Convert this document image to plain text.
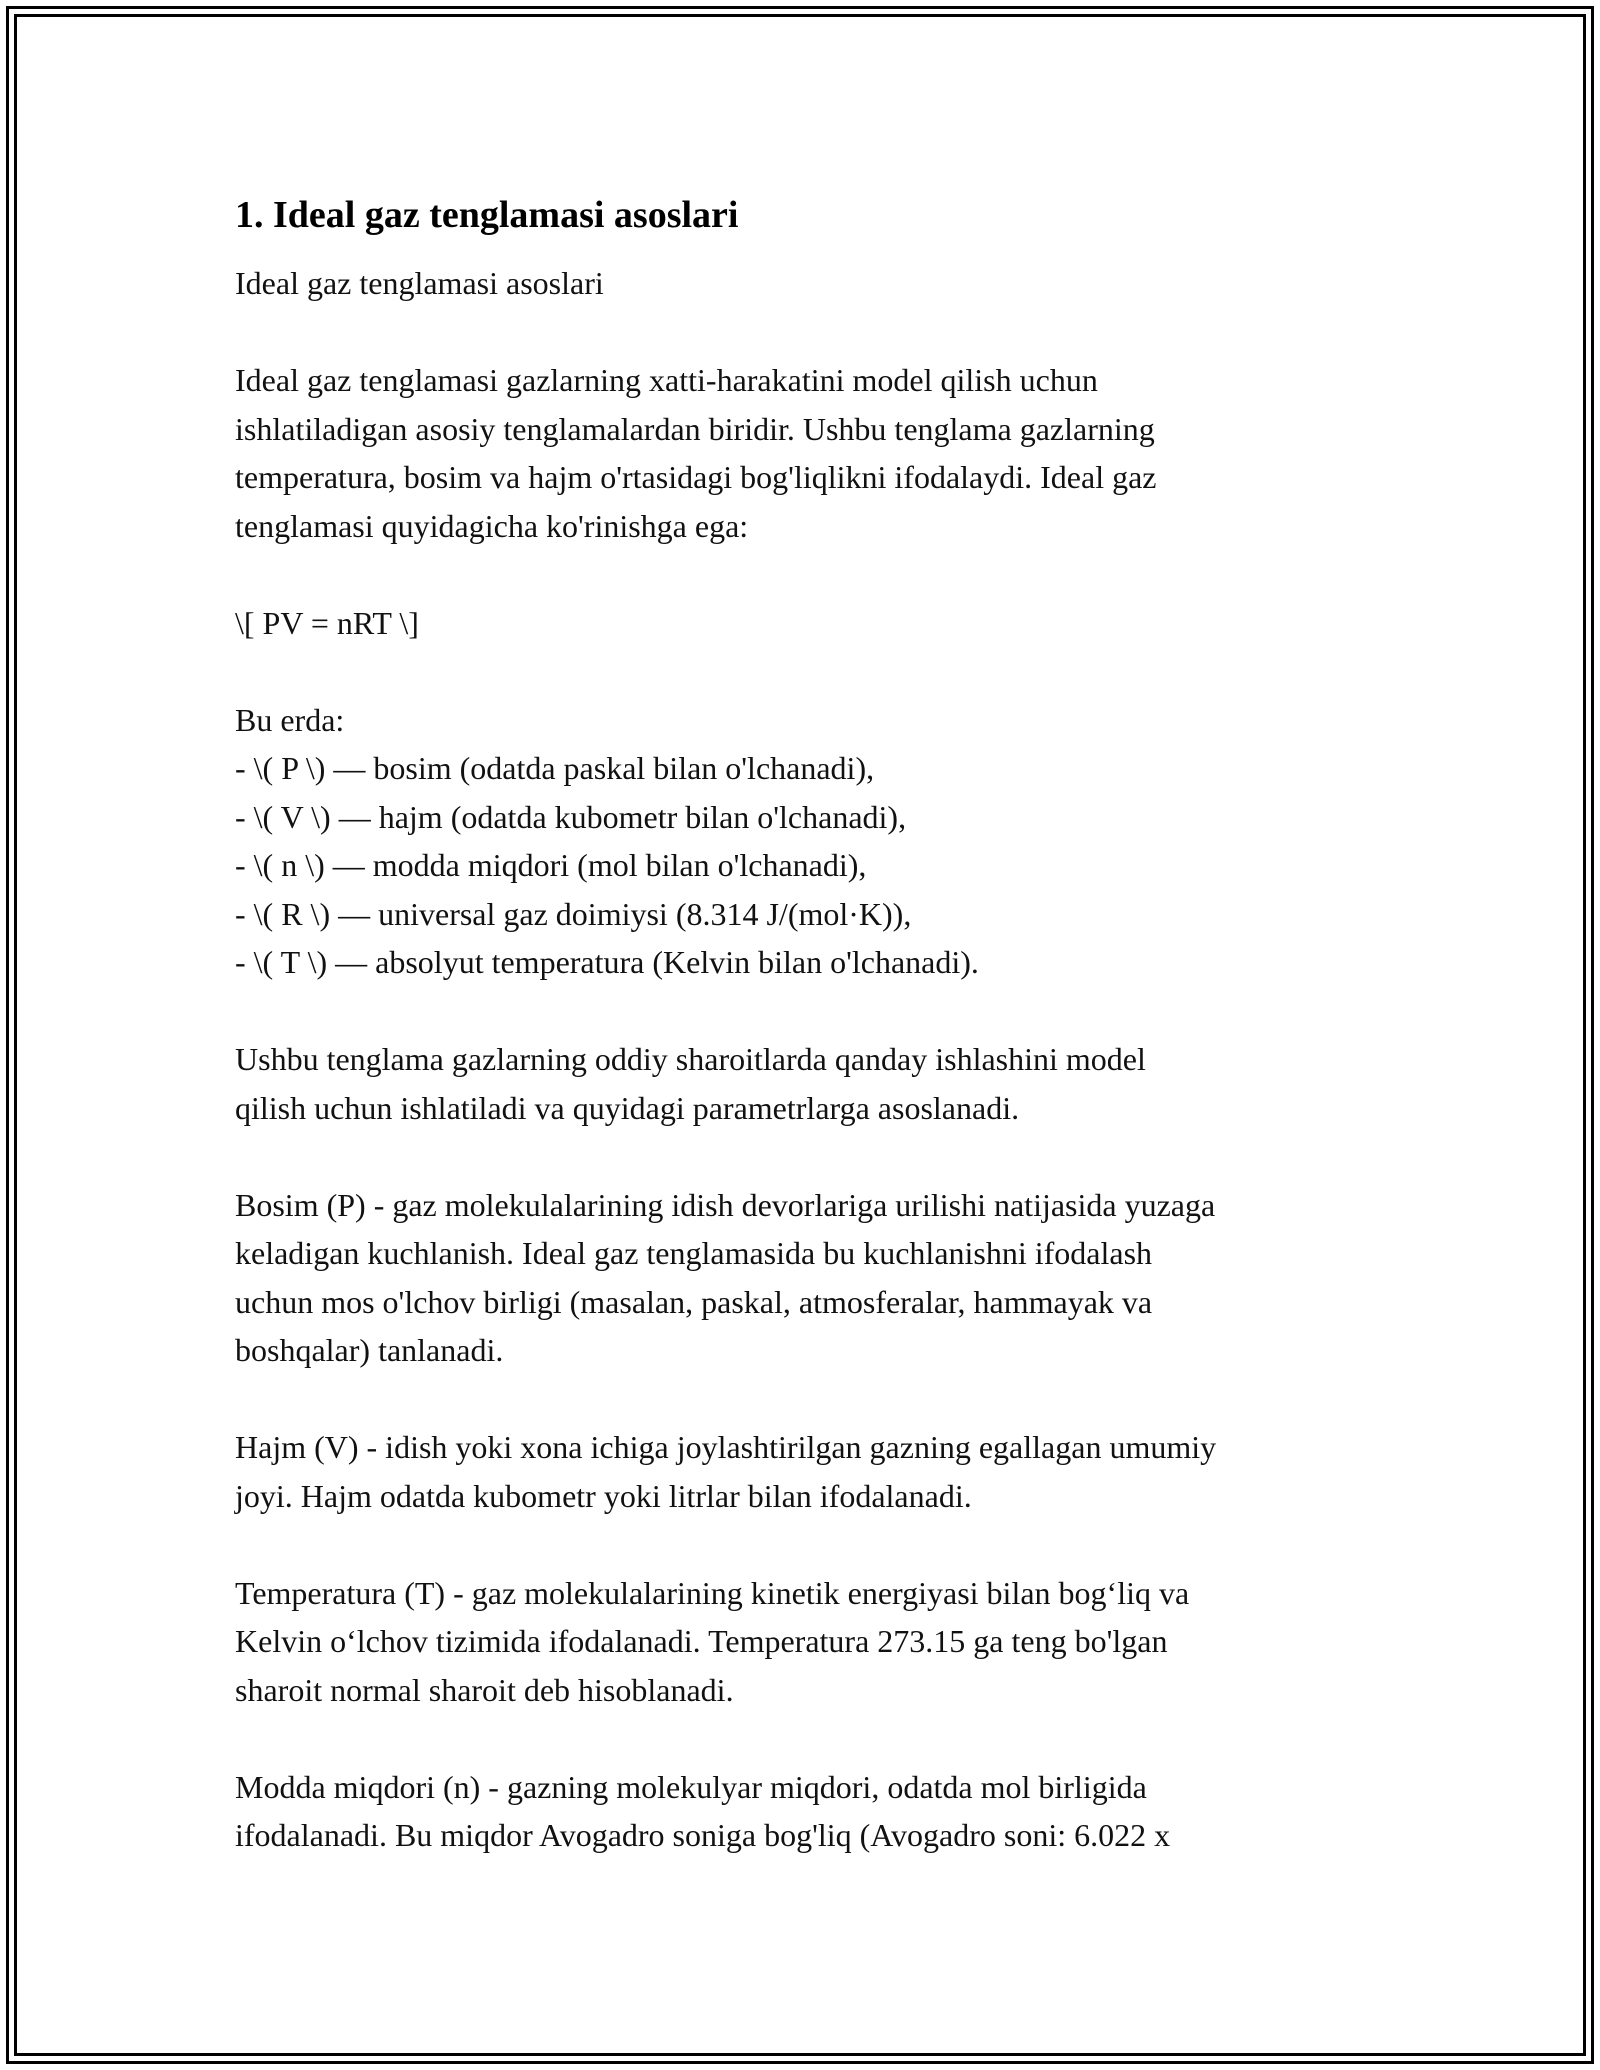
1. Ideal gaz tenglamasi asoslari

Ideal gaz tenglamasi asoslari

Ideal gaz tenglamasi gazlarning xatti-harakatini model qilish uchun
ishlatiladigan asosiy tenglamalardan biridir. Ushbu tenglama gazlarning
temperatura, bosim va hajm o'rtasidagi bog'liqlikni ifodalaydi. Ideal gaz
tenglamasi quyidagicha ko'rinishga ega:

\[ PV = nRT \]

Bu erda:
- \( P \) — bosim (odatda paskal bilan o'lchanadi),
- \( V \) — hajm (odatda kubometr bilan o'lchanadi),
- \( n \) — modda miqdori (mol bilan o'lchanadi),
- \( R \) — universal gaz doimiysi (8.314 J/(mol·K)),
- \( T \) — absolyut temperatura (Kelvin bilan o'lchanadi).

Ushbu tenglama gazlarning oddiy sharoitlarda qanday ishlashini model
qilish uchun ishlatiladi va quyidagi parametrlarga asoslanadi.

Bosim (P) - gaz molekulalarining idish devorlariga urilishi natijasida yuzaga
keladigan kuchlanish. Ideal gaz tenglamasida bu kuchlanishni ifodalash
uchun mos o'lchov birligi (masalan, paskal, atmosferalar, hammayak va
boshqalar) tanlanadi.

Hajm (V) - idish yoki xona ichiga joylashtirilgan gazning egallagan umumiy
joyi. Hajm odatda kubometr yoki litrlar bilan ifodalanadi.

Temperatura (T) - gaz molekulalarining kinetik energiyasi bilan bog‘liq va
Kelvin o‘lchov tizimida ifodalanadi. Temperatura 273.15 ga teng bo'lgan
sharoit normal sharoit deb hisoblanadi.

Modda miqdori (n) - gazning molekulyar miqdori, odatda mol birligida
ifodalanadi. Bu miqdor Avogadro soniga bog'liq (Avogadro soni: 6.022 x
